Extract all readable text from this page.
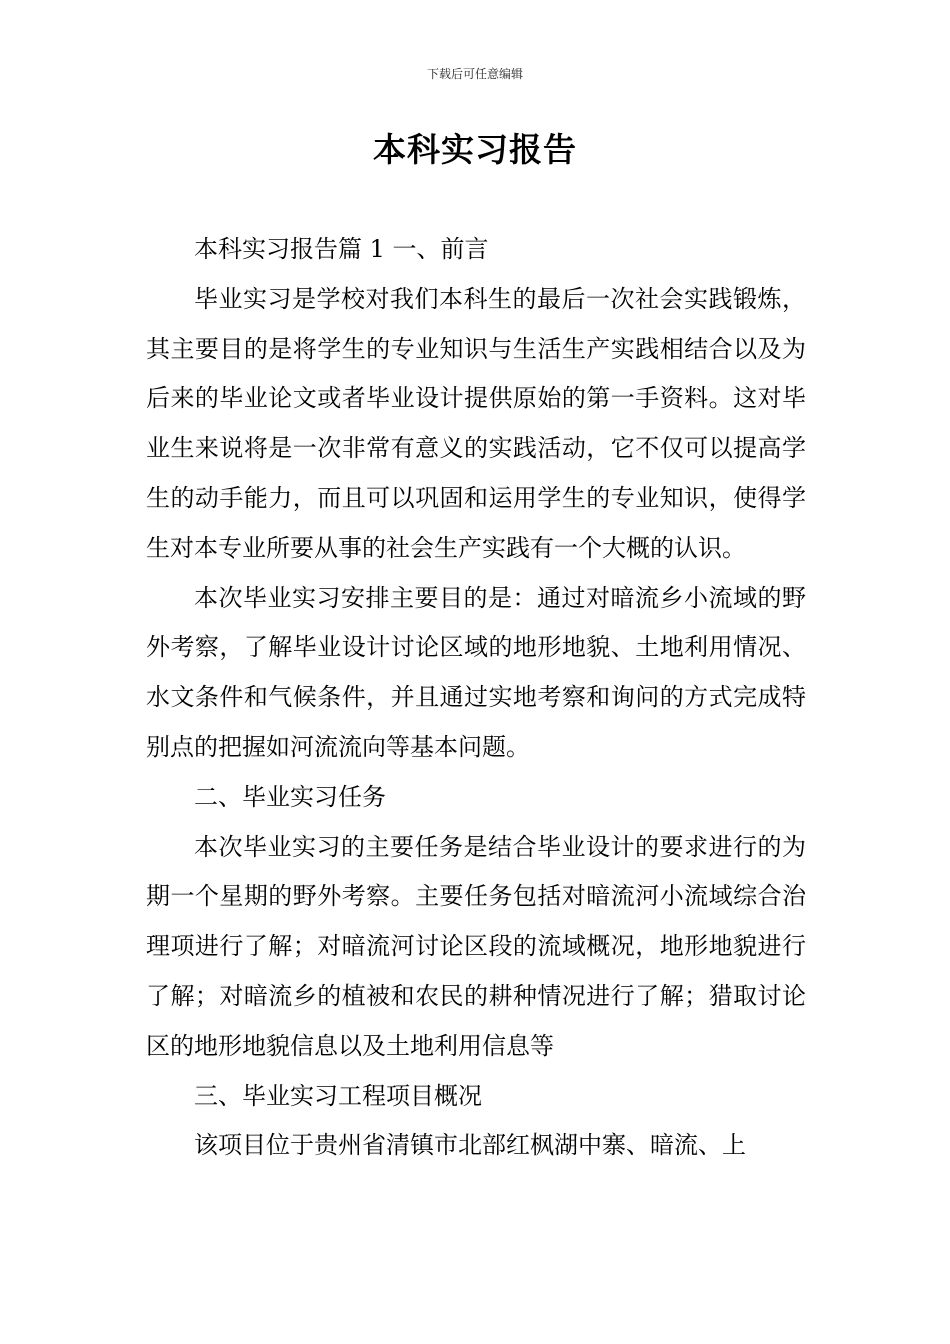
下载后可任意编辑
本科实习报告

本科实习报告篇 1 一、前言

毕业实习是学校对我们本科生的最后一次社会实践锻炼，其主要目的是将学生的专业知识与生活生产实践相结合以及为后来的毕业论文或者毕业设计提供原始的第一手资料。这对毕业生来说将是一次非常有意义的实践活动，它不仅可以提高学生的动手能力，而且可以巩固和运用学生的专业知识，使得学生对本专业所要从事的社会生产实践有一个大概的认识。

本次毕业实习安排主要目的是：通过对暗流乡小流域的野外考察，了解毕业设计讨论区域的地形地貌、土地利用情况、水文条件和气候条件，并且通过实地考察和询问的方式完成特别点的把握如河流流向等基本问题。

二、毕业实习任务

本次毕业实习的主要任务是结合毕业设计的要求进行的为期一个星期的野外考察。主要任务包括对暗流河小流域综合治理项进行了解；对暗流河讨论区段的流域概况，地形地貌进行了解；对暗流乡的植被和农民的耕种情况进行了解；猎取讨论区的地形地貌信息以及土地利用信息等

三、毕业实习工程项目概况

该项目位于贵州省清镇市北部红枫湖中寨、暗流、上
